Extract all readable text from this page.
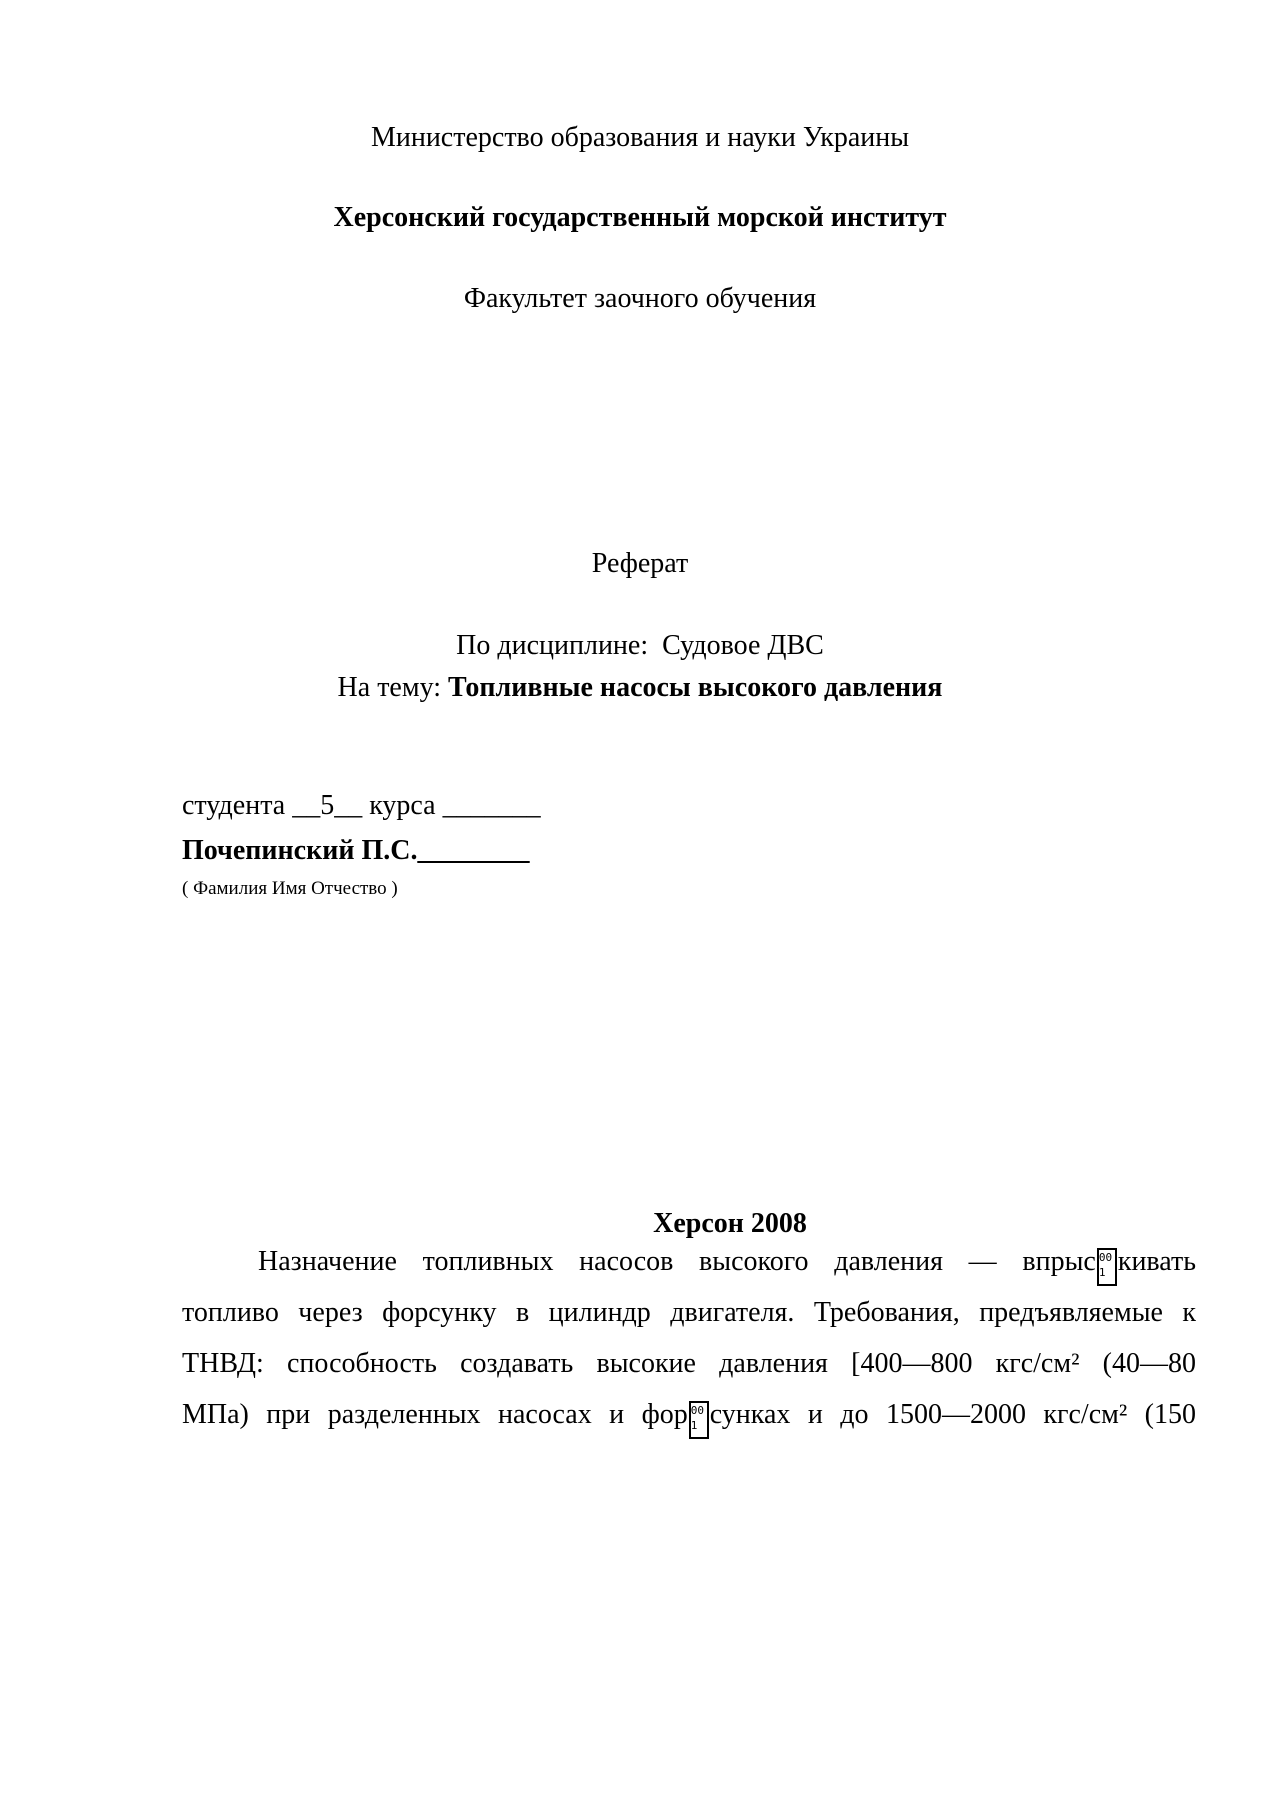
Министерство образования и науки Украины
Херсонский государственный морской институт
Факультет заочного обучения
Реферат
По дисциплине: Судовое ДВС
На тему: Топливные насосы высокого давления
студента __5__ курса _______
Почепинский П.С.________
( Фамилия Имя Отчество )
Херсон 2008
Назначение топливных насосов высокого давления — впрыс 00
1 кивать
топливо через форсунку в цилиндр двигателя. Требования, предъявляемые к
ТНВД: способность создавать высокие давления [400—800 кгс/см² (40—80
МПа) при разделенных насосах и фор 00
1 сунках и до 1500—2000 кгс/см² (150
